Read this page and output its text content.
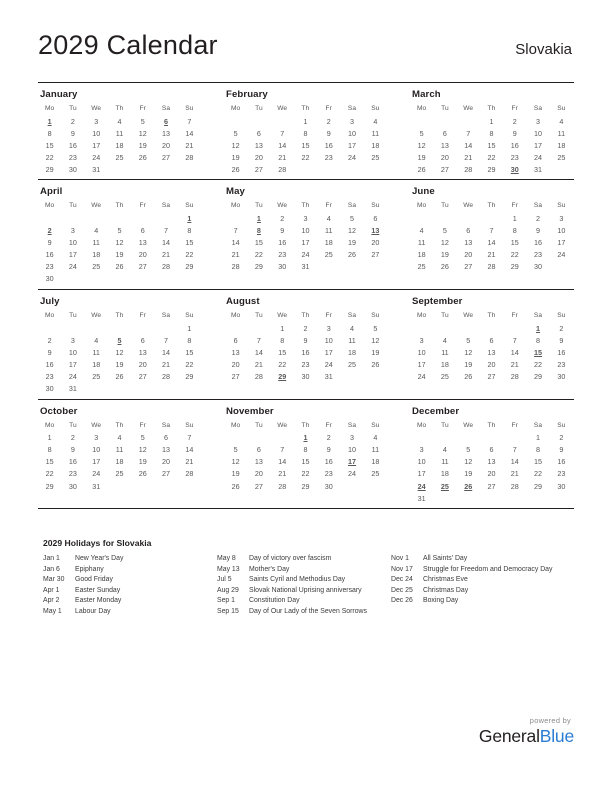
2029 Calendar	Slovakia
January
Mo	Tu	We	Th	Fr	Sa	Su
1	2	3	4	5	6	7
8	9	10	11	12	13	14
15	16	17	18	19	20	21
22	23	24	25	26	27	28
29	30	31				
February
Mo	Tu	We	Th	Fr	Sa	Su
			1	2	3	4
5	6	7	8	9	10	11
12	13	14	15	16	17	18
19	20	21	22	23	24	25
26	27	28				
March
Mo	Tu	We	Th	Fr	Sa	Su
			1	2	3	4
5	6	7	8	9	10	11
12	13	14	15	16	17	18
19	20	21	22	23	24	25
26	27	28	29	30	31	
April
Mo	Tu	We	Th	Fr	Sa	Su
						1
2	3	4	5	6	7	8
9	10	11	12	13	14	15
16	17	18	19	20	21	22
23	24	25	26	27	28	29
30						
May
Mo	Tu	We	Th	Fr	Sa	Su
	1	2	3	4	5	6
7	8	9	10	11	12	13
14	15	16	17	18	19	20
21	22	23	24	25	26	27
28	29	30	31			
June
Mo	Tu	We	Th	Fr	Sa	Su
				1	2	3
4	5	6	7	8	9	10
11	12	13	14	15	16	17
18	19	20	21	22	23	24
25	26	27	28	29	30	
July
Mo	Tu	We	Th	Fr	Sa	Su
						1
2	3	4	5	6	7	8
9	10	11	12	13	14	15
16	17	18	19	20	21	22
23	24	25	26	27	28	29
30	31					
August
Mo	Tu	We	Th	Fr	Sa	Su
		1	2	3	4	5
6	7	8	9	10	11	12
13	14	15	16	17	18	19
20	21	22	23	24	25	26
27	28	29	30	31		
September
Mo	Tu	We	Th	Fr	Sa	Su
					1	2
3	4	5	6	7	8	9
10	11	12	13	14	15	16
17	18	19	20	21	22	23
24	25	26	27	28	29	30
October
Mo	Tu	We	Th	Fr	Sa	Su
1	2	3	4	5	6	7
8	9	10	11	12	13	14
15	16	17	18	19	20	21
22	23	24	25	26	27	28
29	30	31				
November
Mo	Tu	We	Th	Fr	Sa	Su
			1	2	3	4
5	6	7	8	9	10	11
12	13	14	15	16	17	18
19	20	21	22	23	24	25
26	27	28	29	30		
December
Mo	Tu	We	Th	Fr	Sa	Su
					1	2
3	4	5	6	7	8	9
10	11	12	13	14	15	16
17	18	19	20	21	22	23
24	25	26	27	28	29	30
31						
2029 Holidays for Slovakia
Jan 1	New Year's Day
Jan 6	Epiphany
Mar 30	Good Friday
Apr 1	Easter Sunday
Apr 2	Easter Monday
May 1	Labour Day
May 8	Day of victory over fascism
May 13	Mother's Day
Jul 5	Saints Cyril and Methodius Day
Aug 29	Slovak National Uprising anniversary
Sep 1	Constitution Day
Sep 15	Day of Our Lady of the Seven Sorrows
Nov 1	All Saints' Day
Nov 17	Struggle for Freedom and Democracy Day
Dec 24	Christmas Eve
Dec 25	Christmas Day
Dec 26	Boxing Day
powered by
GeneralBlue
